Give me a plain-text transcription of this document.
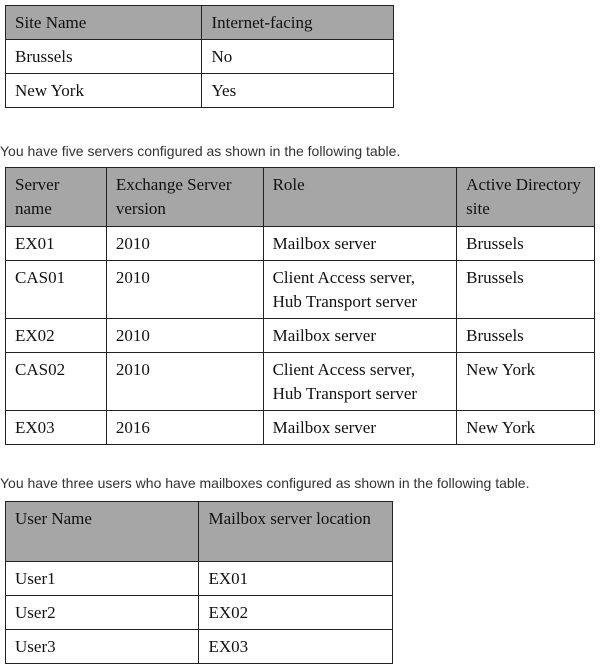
Site Name	Internet-facing
Brussels	No
New York	Yes

You have five servers configured as shown in the following table.

Server name	Exchange Server version	Role	Active Directory site
EX01	2010	Mailbox server	Brussels
CAS01	2010	Client Access server, Hub Transport server	Brussels
EX02	2010	Mailbox server	Brussels
CAS02	2010	Client Access server, Hub Transport server	New York
EX03	2016	Mailbox server	New York

You have three users who have mailboxes configured as shown in the following table.

User Name	Mailbox server location
User1	EX01
User2	EX02
User3	EX03
